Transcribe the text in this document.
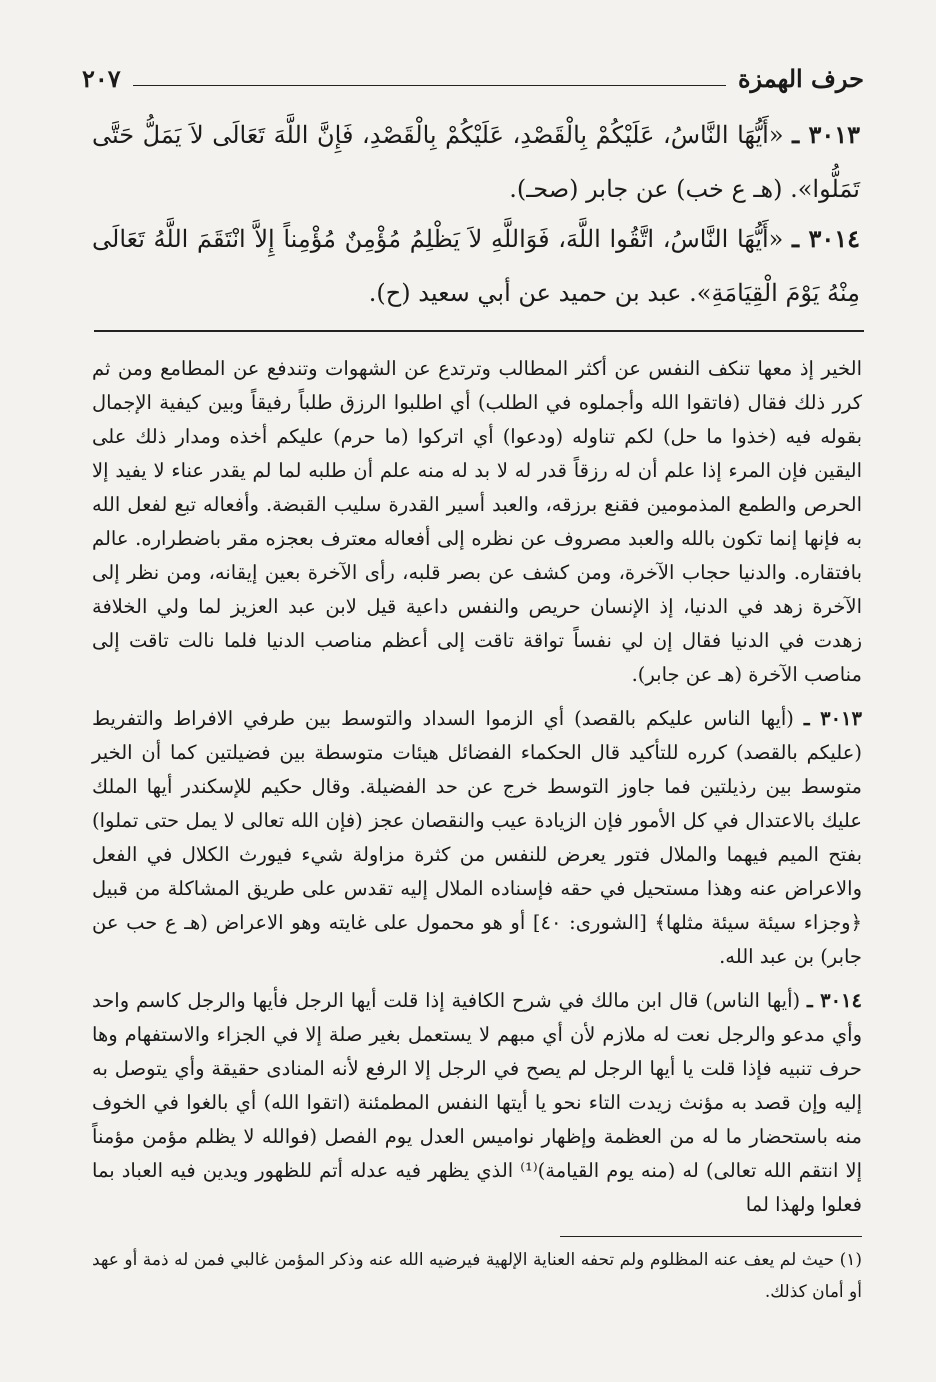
حرف الهمزة
٢٠٧
٣٠١٣ ـ «أَيُّهَا النَّاسُ، عَلَيْكُمْ بِالْقَصْدِ، عَلَيْكُمْ بِالْقَصْدِ، فَإِنَّ اللَّهَ تَعَالَى لاَ يَمَلُّ حَتَّى تَمَلُّوا». (هـ ع خب) عن جابر (صحـ).
٣٠١٤ ـ «أَيُّهَا النَّاسُ، اتَّقُوا اللَّهَ، فَوَاللَّهِ لاَ يَظْلِمُ مُؤْمِنٌ مُؤْمِناً إِلاَّ انْتَقَمَ اللَّهُ تَعَالَى مِنْهُ يَوْمَ الْقِيَامَةِ». عبد بن حميد عن أبي سعيد (ح).

الخير إذ معها تنكف النفس عن أكثر المطالب وترتدع عن الشهوات وتندفع عن المطامع ومن ثم كرر ذلك فقال (فاتقوا الله وأجملوه في الطلب) أي اطلبوا الرزق طلباً رفيقاً وبين كيفية الإجمال بقوله فيه (خذوا ما حل) لكم تناوله (ودعوا) أي اتركوا (ما حرم) عليكم أخذه ومدار ذلك على اليقين فإن المرء إذا علم أن له رزقاً قدر له لا بد له منه علم أن طلبه لما لم يقدر عناء لا يفيد إلا الحرص والطمع المذمومين فقنع برزقه، والعبد أسير القدرة سليب القبضة. وأفعاله تبع لفعل الله به فإنها إنما تكون بالله والعبد مصروف عن نظره إلى أفعاله معترف بعجزه مقر باضطراره. عالم بافتقاره. والدنيا حجاب الآخرة، ومن كشف عن بصر قلبه، رأى الآخرة بعين إيقانه، ومن نظر إلى الآخرة زهد في الدنيا، إذ الإنسان حريص والنفس داعية قيل لابن عبد العزيز لما ولي الخلافة زهدت في الدنيا فقال إن لي نفساً تواقة تاقت إلى أعظم مناصب الدنيا فلما نالت تاقت إلى مناصب الآخرة (هـ عن جابر).

٣٠١٣ ـ (أيها الناس عليكم بالقصد) أي الزموا السداد والتوسط بين طرفي الافراط والتفريط (عليكم بالقصد) كرره للتأكيد قال الحكماء الفضائل هيئات متوسطة بين فضيلتين كما أن الخير متوسط بين رذيلتين فما جاوز التوسط خرج عن حد الفضيلة. وقال حكيم للإسكندر أيها الملك عليك بالاعتدال في كل الأمور فإن الزيادة عيب والنقصان عجز (فإن الله تعالى لا يمل حتى تملوا) بفتح الميم فيهما والملال فتور يعرض للنفس من كثرة مزاولة شيء فيورث الكلال في الفعل والاعراض عنه وهذا مستحيل في حقه فإسناده الملال إليه تقدس على طريق المشاكلة من قبيل ﴿وجزاء سيئة سيئة مثلها﴾ [الشورى: ٤٠] أو هو محمول على غايته وهو الاعراض (هـ ع حب عن جابر) بن عبد الله.

٣٠١٤ ـ (أيها الناس) قال ابن مالك في شرح الكافية إذا قلت أيها الرجل فأيها والرجل كاسم واحد وأي مدعو والرجل نعت له ملازم لأن أي مبهم لا يستعمل بغير صلة إلا في الجزاء والاستفهام وها حرف تنبيه فإذا قلت يا أيها الرجل لم يصح في الرجل إلا الرفع لأنه المنادى حقيقة وأي يتوصل به إليه وإن قصد به مؤنث زيدت التاء نحو يا أيتها النفس المطمئنة (اتقوا الله) أي بالغوا في الخوف منه باستحضار ما له من العظمة وإظهار نواميس العدل يوم الفصل (فوالله لا يظلم مؤمن مؤمناً إلا انتقم الله تعالى) له (منه يوم القيامة)⁽¹⁾ الذي يظهر فيه عدله أتم للظهور ويدين فيه العباد بما فعلوا ولهذا لما

(١) حيث لم يعف عنه المظلوم ولم تحفه العناية الإلهية فيرضيه الله عنه وذكر المؤمن غالبي فمن له ذمة أو عهد أو أمان كذلك.
